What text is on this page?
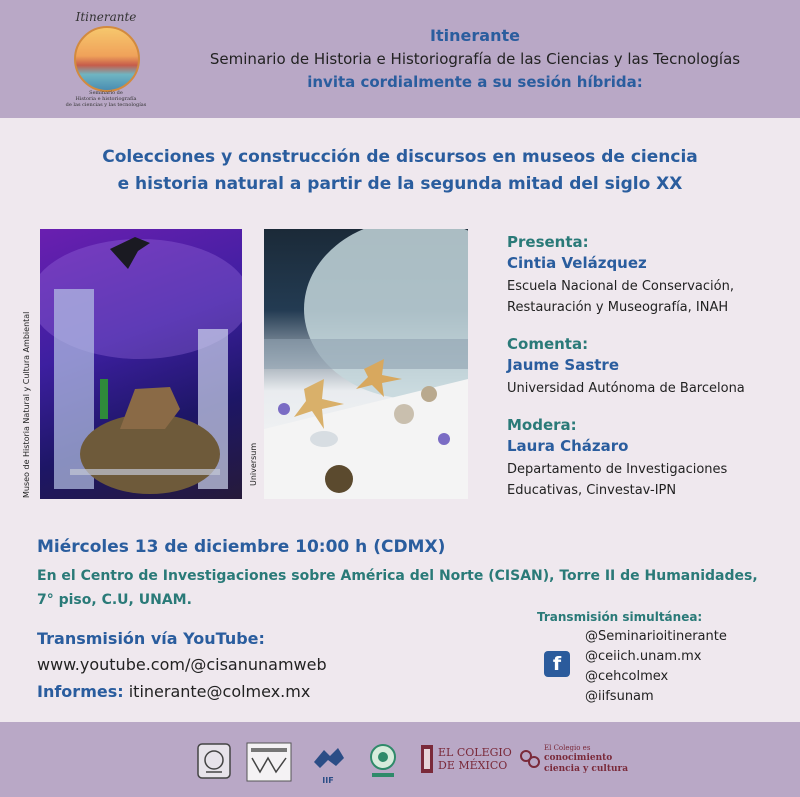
Itinerante
Seminario de
Historia e historiografía
de las ciencias y las tecnologías
Itinerante
Seminario de Historia e Historiografía de las Ciencias y las Tecnologías
invita cordialmente a su sesión híbrida:
Colecciones y construcción de discursos en museos de ciencia
e historia natural a partir de la segunda mitad del siglo XX
Museo de Historia Natural y Cultura Ambiental	Universum

Presenta:

Cintia Velázquez

Escuela Nacional de Conservación,
Restauración y Museografía, INAH

Comenta:

Jaume Sastre

Universidad Autónoma de Barcelona

Modera:

Laura Cházaro

Departamento de Investigaciones
Educativas, Cinvestav-IPN

Miércoles 13 de diciembre 10:00 h (CDMX)
En el Centro de Investigaciones sobre América del Norte (CISAN), Torre II de Humanidades,
7° piso, C.U, UNAM.
Transmisión vía YouTube:
www.youtube.com/@cisanunamweb
Informes: itinerante@colmex.mx
Transmisión simultánea:
f
@Seminarioitinerante
@ceiich.unam.mx
@cehcolmex
@iifsunam
IIF
EL COLEGIO
DE MÉXICO
El Colegio es
conocimiento
ciencia y cultura
